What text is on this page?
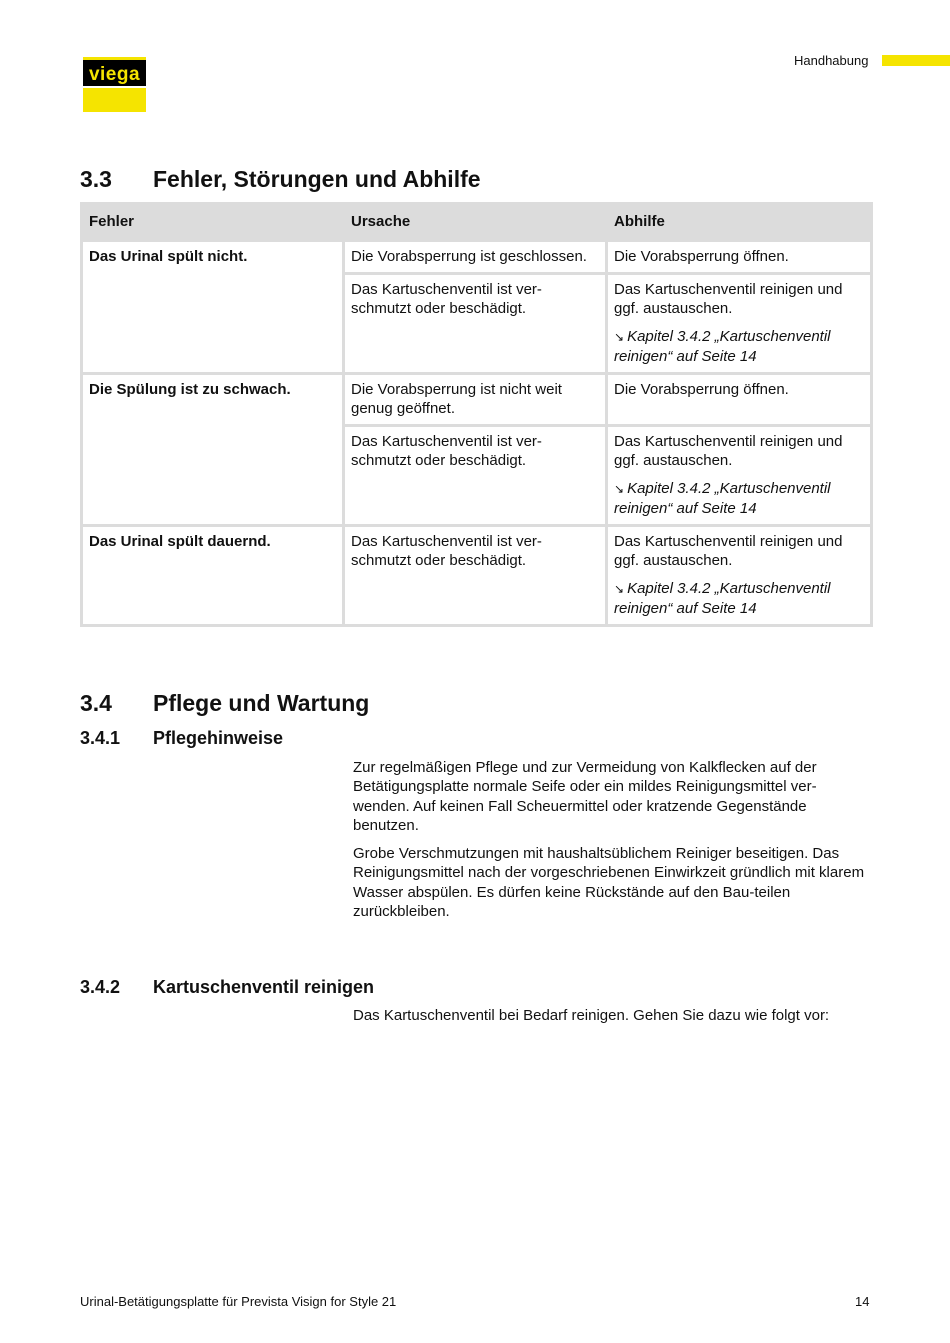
viega
Handhabung
3.3 Fehler, Störungen und Abhilfe
Fehler	Ursache	Abhilfe
Das Urinal spült nicht.	Die Vorabsperrung ist geschlossen.	Die Vorabsperrung öffnen.
	Das Kartuschenventil ist ver-schmutzt oder beschädigt.	Das Kartuschenventil reinigen und ggf. austauschen.
↘ Kapitel 3.4.2 „Kartuschenventil reinigen“ auf Seite 14

Die Spülung ist zu schwach.	Die Vorabsperrung ist nicht weit genug geöffnet.	Die Vorabsperrung öffnen.
	Das Kartuschenventil ist ver-schmutzt oder beschädigt.	Das Kartuschenventil reinigen und ggf. austauschen.
↘ Kapitel 3.4.2 „Kartuschenventil reinigen“ auf Seite 14

Das Urinal spült dauernd.	Das Kartuschenventil ist ver-schmutzt oder beschädigt.	Das Kartuschenventil reinigen und ggf. austauschen.
↘ Kapitel 3.4.2 „Kartuschenventil reinigen“ auf Seite 14
3.4 Pflege und Wartung
3.4.1 Pflegehinweise

Zur regelmäßigen Pflege und zur Vermeidung von Kalkflecken auf der Betätigungsplatte normale Seife oder ein mildes Reinigungsmittel ver-wenden. Auf keinen Fall Scheuermittel oder kratzende Gegenstände benutzen.

Grobe Verschmutzungen mit haushaltsüblichem Reiniger beseitigen. Das Reinigungsmittel nach der vorgeschriebenen Einwirkzeit gründlich mit klarem Wasser abspülen. Es dürfen keine Rückstände auf den Bau-teilen zurückbleiben.

3.4.2 Kartuschenventil reinigen

Das Kartuschenventil bei Bedarf reinigen. Gehen Sie dazu wie folgt vor:

Urinal-Betätigungsplatte für Prevista Visign for Style 21	14
